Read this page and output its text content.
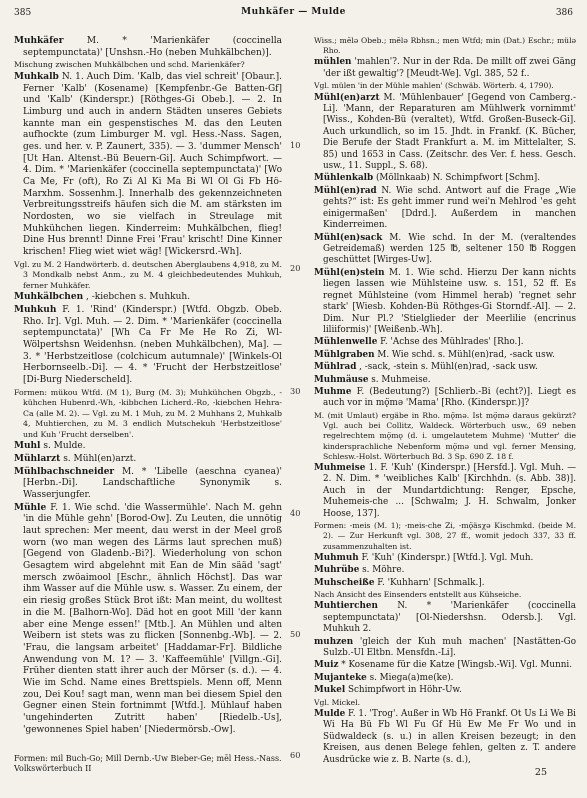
385	Muhkäfer — Mulde	386

Muhkäfer	M. * 'Marienkäfer (coccinella septempunctata)' [Unshsn.-Ho (neben Muhkälbchen)].

Mischung zwischen Muhkälbchen und schd. Marienkäfer?

Muhkalb N. 1. Auch Dim. 'Kalb, das viel schreit' [Obaur.]. Ferner 'Kalb' (Kosename) [Kempfenbr.-Ge Batten-Gf] und 'Kalb' (Kinderspr.) [Röthges-Gi Obeb.]. — 2. In Limburg und auch in andern Städten unseres Gebiets kannte man ein gespenstisches M. das den Leuten aufhockte (zum Limburger M. vgl. Hess.-Nass. Sagen, ges. und her. v. P. Zaunert, 335). — 3. 'dummer Mensch' [Ut Han. Altenst.-Bü Beuern-Gi]. Auch Schimpfwort. — 4. Dim. * 'Marienkäfer (coccinella septempunctata)' [Wo Ca Me, Fr (oft), Ro Zi Al Ki Ma Bi Wl Ol Gi Fb Hö-Marxhm. Sossenhm.]. Innerhalb des gekennzeichneten Verbreitungsstreifs häufen sich die M. am stärksten im Nordosten, wo sie vielfach in Streulage mit Muhkühchen liegen. Kinderreim: Muhkälbchen, flieg! Dine Hus brennt! Dinne Frei 'Frau' krischt! Dine Kinner krischen! Flieg wiet wiet wäg! [Wickersrd.-Wh].

Vgl. zu M. 2 Handwörterb. d. deutschen Aberglaubens 4,918, zu M. 3 Mondkalb nebst Anm., zu M. 4 gleichbedeutendes Muhkuh, ferner Muhkäfer.

Muhkälbchen , -kiebchen s. Muhkuh.

Muhkuh F. 1. 'Rind' (Kinderspr.) [Wtfd. Obgzb. Obeb. Rho. Ir]. Vgl. Muh. — 2. Dim. * 'Marienkäfer (coccinella septempunctata)' [Wh Ca Fr Me He Ro Zi, Wl-Wölpertshsn Weidenhsn. (neben Muhkälbchen), Ma]. — 3. * 'Herbstzeitlose (colchicum autumnale)' [Winkels-Ol Herbornseelb.-Di]. — 4. * 'Frucht der Herbstzeitlose' [Di-Burg Niederscheld].

Formen: mükou Wtfd. (M 1), Burg (M. 3); Muhkühchen Obgzb., -kühchen Hubenrd.-Wh, -kibbchen Licherd.-Ro, -kiebchen Hehra-Ca (alle M. 2). — Vgl. zu M. 1 Muh, zu M. 2 Muhhans 2, Muhkalb 4, Muhtierchen, zu M. 3 endlich Mutschekuh 'Herbstzeitlose' und Kuh 'Frucht derselben'.

Muhl s. Mulde.

Mühlarzt s. Mühl(en)arzt.

Mühlbachschneider M. * 'Libelle (aeschna cyanea)' [Herbn.-Di]. Landschaftliche Synonymik s. Wasserjungfer.

Mühle F. 1. Wie schd. 'die Wassermühle'. Nach M. gehn 'in die Mühle gehn' [Borod-Ow]. Zu Leuten, die unnötig laut sprechen: Mer meent, dau werst in der Meel groß worn (wo man wegen des Lärms laut sprechen muß) [Gegend von Gladenb.-Bi?]. Wiederholung von schon Gesagtem wird abgelehnt mit Ean de Min sääd 'sagt' mersch zwöaimool [Eschr., ähnlich Höchst]. Das war ihm Wasser auf die Mühle usw. s. Wasser. Zu einem, der ein riesig großes Stück Brot ißt: Man meint, du wolltest in die M. [Balhorn-Wo]. Däd hot en goot Mill 'der kann aber eine Menge essen!' [Mtb.]. An Mühlen und alten Weibern ist stets was zu flicken [Sonnenbg.-Wb]. — 2. 'Frau, die langsam arbeitet' [Haddamar-Fr]. Bildliche Anwendung von M. 1? — 3. 'Kaffeemühle' [Villgn.-Gi]. Früher dienten statt ihrer auch der Mörser (s. d.). — 4. Wie im Schd. Name eines Brettspiels. Menn off, Menn zou, Dei Kou! sagt man, wenn man bei diesem Spiel den Gegner einen Stein fortnimmt [Wtfd.]. Mühlauf haben 'ungehinderten Zutritt haben' [Riedelb.-Us], 'gewonnenes Spiel haben' [Niedermörsb.-Ow].

10
20
30
40
50
60

Wiss.; mēlə Obeb.; mēlə Rbhsn.; men Wtfd; min (Dat.) Eschr.; mülə Rho.

mühlen 'mahlen'?. Nur in der Rda. De millt off zwei Gäng 'der ißt gewaltig'? [Meudt-We]. Vgl. 385, 52 f..

Vgl. mülen 'in der Mühle mahlen' (Schwäb. Wörterb. 4, 1790).

Mühl(en)arzt M. 'Mühlenbauer' [Gegend von Camberg.-Li]. 'Mann, der Reparaturen am Mühlwerk vornimmt' [Wiss., Kohden-Bü (veraltet), Wtfd. Großen-Buseck-Gi]. Auch urkundlich, so im 15. Jhdt. in Frankf. (K. Bücher, Die Berufe der Stadt Frankfurt a. M. im Mittelalter, S. 85) und 1653 in Cass. (Zeitschr. des Ver. f. hess. Gesch. usw., 11. Suppl., S. 68).

Mühlenkalb (Möllnkaab) N. Schimpfwort [Schm].

Mühl(en)rad N. Wie schd. Antwort auf die Frage „Wie gehts?“ ist: Es geht immer rund wei'n Mehlrod 'es geht einigermaßen' [Ddrd.]. Außerdem in manchen Kinderreimen.

Mühl(en)sack M. Wie schd. In der M. (veraltendes Getreidemaß) werden 125 ℔, seltener 150 ℔ Roggen geschüttet [Wirges-Uw].

Mühl(en)stein M. 1. Wie schd. Hierzu Der kann nichts liegen lassen wie Mühlsteine usw. s. 151, 52 ff. Es regnet Mühlsteine (vom Himmel herab) 'regnet sehr stark' [Wiesb. Kohden-Bü Röthges-Gi Storndf.-Al]. — 2. Dim. Nur Pl.? 'Stielglieder der Meerlilie (encrinus liliiformis)' [Weißenb.-Wh].

Mühlenwelle F. 'Achse des Mühlrades' [Rho.].

Mühlgraben M. Wie schd. s. Mühl(en)rad, -sack usw.

Mühlrad , -sack, -stein s. Mühl(en)rad, -sack usw.

Muhmäuse s. Muhmeise.

Muhme F. (Bedeutung?) [Schlierb.-Bi (echt?)]. Liegt es auch vor in mǫ̈mə 'Mama' [Rho. (Kinderspr.)]?

M. (mit Umlaut) ergäbe in Rho. mǫ̈mə. Ist mǫ̈mə daraus gekürzt? Vgl. auch bei Collitz, Waldeck. Wörterbuch usw., 69 neben regelrechtem mǫ̈mǫ (d. i. umgelautetem Muhme) 'Mutter' die kindersprachliche Nebenform mǫ̈mə und vgl. ferner Mensing, Schlesw.-Holst. Wörterbuch Bd. 3 Sp. 690 Z. 18 f.

Muhmeise 1. F. 'Kuh' (Kinderspr.) [Hersfd.]. Vgl. Muh. — 2. N. Dim. * 'weibliches Kalb' [Kirchhdn. (s. Abb. 38)]. Auch in der Mundartdichtung: Renger, Epsche, Muhemeis-che ... [Schwalm; J. H. Schwalm, Jonker Hoose, 137].

Formen: -meis (M. 1); -meis-che Zi, -mǫ̈äsχə Kischmkd. (beide M. 2). — Zur Herkunft vgl. 308, 27 ff., womit jedoch 337, 33 ff. zusammenzuhalten ist.

Muhmuh F. 'Kuh' (Kinderspr.) [Wtfd.]. Vgl. Muh.

Muhrübe s. Möhre.

Muhscheiße F. 'Kuhharn' [Schmalk.].

Nach Ansicht des Einsenders entstellt aus Kühseiche.

Muhtierchen N. * 'Marienkäfer (coccinella septempunctata)' [Ol-Niedershsn. Odersb.]. Vgl. Muhkuh 2.

muhzen 'gleich der Kuh muh machen' [Nastätten-Go Sulzb.-Ul Eltbn. Mensfdn.-Li].

Muiz * Kosename für die Katze [Wingsb.-Wi]. Vgl. Munni.

Mujanteke s. Miega(a)me(ke).

Mukel Schimpfwort in Höhr-Uw.

Vgl. Mickel.

Mulde F. 1. 'Trog'. Außer in Wb Hö Frankf. Ot Us Li We Bi Wi Ha Bü Fb Wl Fu Gf Hü Ew Me Fr Wo und in Südwaldeck (s. u.) in allen Kreisen bezeugt; in den Kreisen, aus denen Belege fehlen, gelten z. T. andere Ausdrücke wie z. B. Narte (s. d.),

Formen: mil Buch-Go; Mill Dernb.-Uw Bieber-Ge; mēl Hess.-Nass. Volkswörterbuch II	25
